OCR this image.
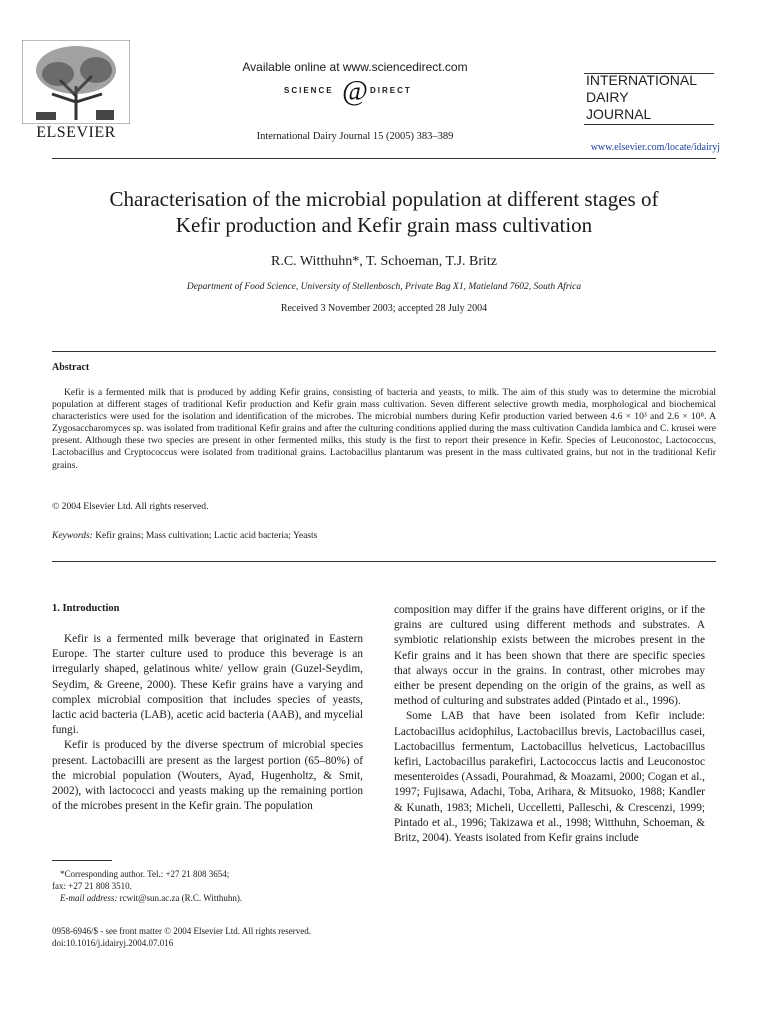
ELSEVIER
Available online at www.sciencedirect.com
SCIENCE @ DIRECT
International Dairy Journal 15 (2005) 383–389
INTERNATIONAL
DAIRY
JOURNAL
www.elsevier.com/locate/idairyj
Characterisation of the microbial population at different stages of
Kefir production and Kefir grain mass cultivation
R.C. Witthuhn*, T. Schoeman, T.J. Britz
Department of Food Science, University of Stellenbosch, Private Bag X1, Matieland 7602, South Africa
Received 3 November 2003; accepted 28 July 2004
Abstract
Kefir is a fermented milk that is produced by adding Kefir grains, consisting of bacteria and yeasts, to milk. The aim of this study was to determine the microbial population at different stages of traditional Kefir production and Kefir grain mass cultivation. Seven different selective growth media, morphological and biochemical characteristics were used for the isolation and identification of the microbes. The microbial numbers during Kefir production varied between 4.6 × 10³ and 2.6 × 10⁸. A Zygosaccharomyces sp. was isolated from traditional Kefir grains and after the culturing conditions applied during the mass cultivation Candida lambica and C. krusei were present. Although these two species are present in other fermented milks, this study is the first to report their presence in Kefir. Species of Leuconostoc, Lactococcus, Lactobacillus and Cryptococcus were isolated from traditional grains. Lactobacillus plantarum was present in the mass cultivated grains, but not in the traditional Kefir grains.
© 2004 Elsevier Ltd. All rights reserved.
Keywords: Kefir grains; Mass cultivation; Lactic acid bacteria; Yeasts
1. Introduction

Kefir is a fermented milk beverage that originated in Eastern Europe. The starter culture used to produce this beverage is an irregularly shaped, gelatinous white/ yellow grain (Guzel-Seydim, Seydim, & Greene, 2000). These Kefir grains have a varying and complex microbial composition that includes species of yeasts, lactic acid bacteria (LAB), acetic acid bacteria (AAB), and mycelial fungi.

Kefir is produced by the diverse spectrum of microbial species present. Lactobacilli are present as the largest portion (65–80%) of the microbial population (Wouters, Ayad, Hugenholtz, & Smit, 2002), with lactococci and yeasts making up the remaining portion of the microbes present in the Kefir grain. The population

composition may differ if the grains have different origins, or if the grains are cultured using different methods and substrates. A symbiotic relationship exists between the microbes present in the Kefir grains and it has been shown that there are specific species that always occur in the grains. In contrast, other microbes may either be present depending on the origin of the grains, as well as method of culturing and substrates added (Pintado et al., 1996).

Some LAB that have been isolated from Kefir include: Lactobacillus acidophilus, Lactobacillus brevis, Lactobacillus casei, Lactobacillus fermentum, Lactobacillus helveticus, Lactobacillus kefiri, Lactobacillus parakefiri, Lactococcus lactis and Leuconostoc mesenteroides (Assadi, Pourahmad, & Moazami, 2000; Cogan et al., 1997; Fujisawa, Adachi, Toba, Arihara, & Mitsuoko, 1988; Kandler & Kunath, 1983; Micheli, Uccelletti, Palleschi, & Crescenzi, 1999; Pintado et al., 1996; Takizawa et al., 1998; Witthuhn, Schoeman, & Britz, 2004). Yeasts isolated from Kefir grains include

*Corresponding author. Tel.: +27 21 808 3654;
fax: +27 21 808 3510.
E-mail address: rcwit@sun.ac.za (R.C. Witthuhn).
0958-6946/$ - see front matter © 2004 Elsevier Ltd. All rights reserved.
doi:10.1016/j.idairyj.2004.07.016
